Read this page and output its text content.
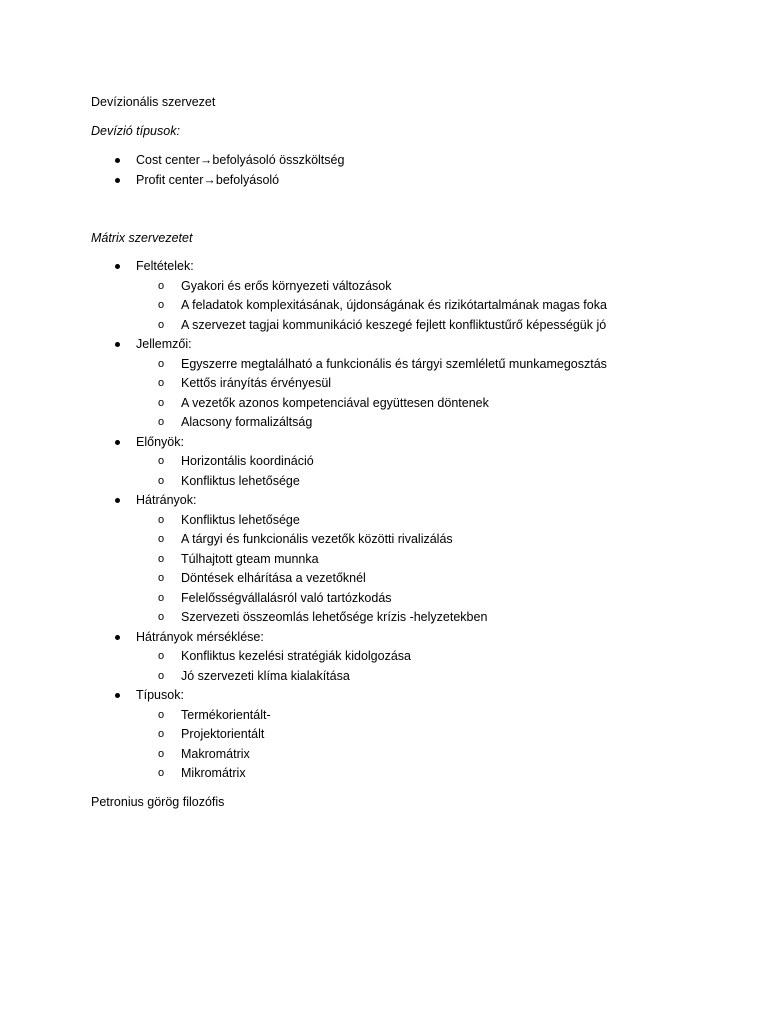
Devízionális szervezet
Devízió típusok:
Cost center→befolyásoló összköltség
Profit center→befolyásoló
Mátrix szervezetet
Feltételek:
o Gyakori és erős környezeti változások
o A feladatok komplexitásának, újdonságának és rizikótartalmának magas foka
o A szervezet tagjai kommunikáció keszegé fejlett konfliktustűrő képességük jó
Jellemzői:
o Egyszerre megtalálható a funkcionális és tárgyi szemléletű munkamegosztás
o Kettős irányítás érvényesül
o A vezetők azonos kompetenciával együttesen döntenek
o Alacsony formalizáltság
Előnyök:
o Horizontális koordináció
o Konfliktus lehetősége
Hátrányok:
o Konfliktus lehetősége
o A tárgyi és funkcionális vezetők közötti rivalizálás
o Túlhajtott gteam munnka
o Döntések elhárítása a vezetőknél
o Felelősségvállalásról való tartózkodás
o Szervezeti összeomlás lehetősége krízis -helyzetekben
Hátrányok mérséklése:
o Konfliktus kezelési stratégiák kidolgozása
o Jó szervezeti klíma kialakítása
Típusok:
o Termékorientált-
o Projektorientált
o Makromátrix
o Mikromátrix
Petronius görög filozófis
